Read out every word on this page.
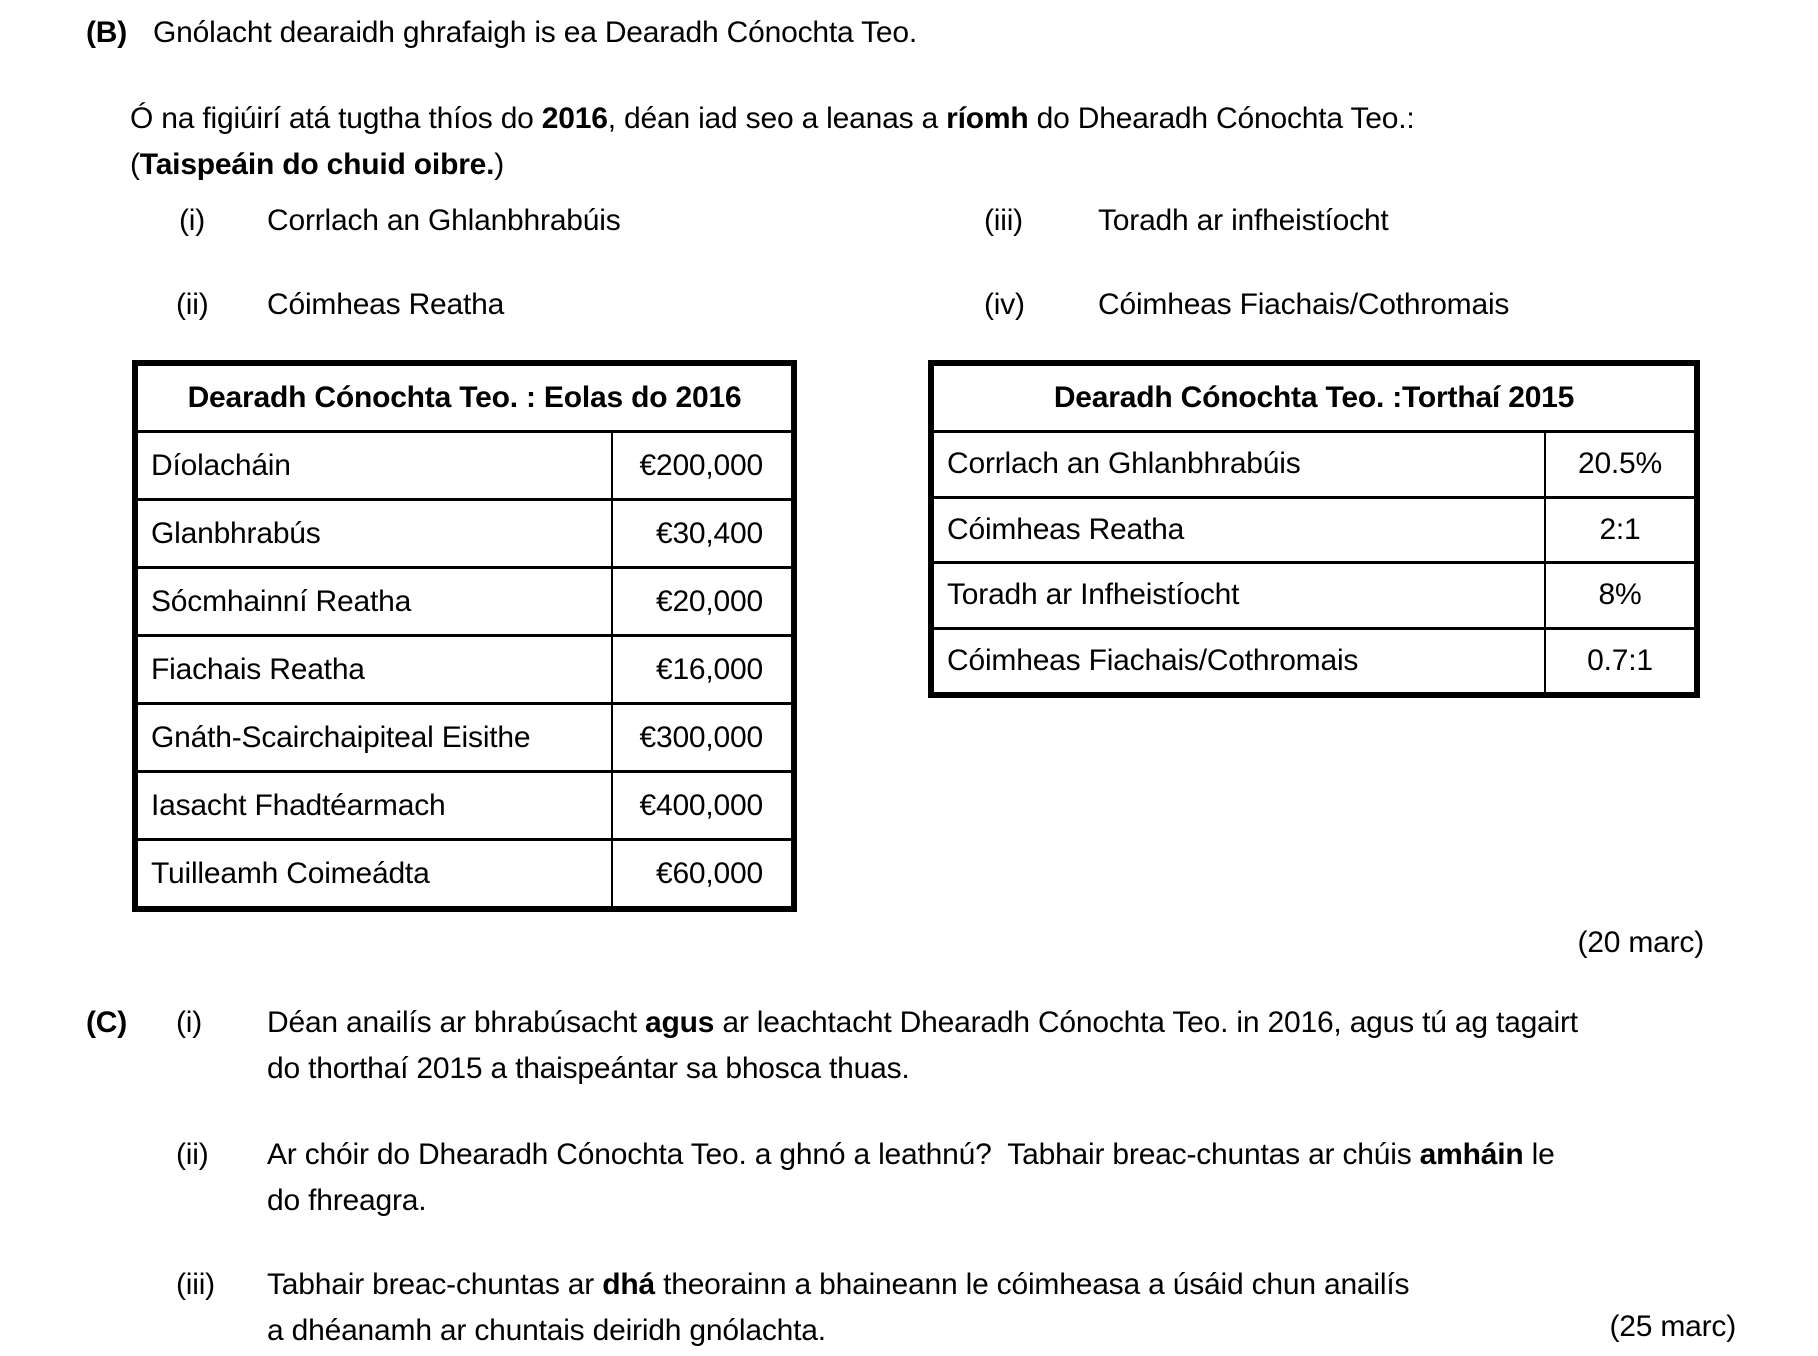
(B) Gnólacht dearaidh ghrafaigh is ea Dearadh Cónochta Teo.
Ó na figiúirí atá tugtha thíos do 2016, déan iad seo a leanas a ríomh do Dhearadh Cónochta Teo.:
(Taispeáin do chuid oibre.)
(i) Corrlach an Ghlanbhrabúis
(ii) Cóimheas Reatha
(iii)	Toradh ar infheistíocht
(iv) Cóimheas Fiachais/Cothromais
Dearadh Cónochta Teo. : Eolas do 2016
Díolacháin	€200,000
Glanbhrabús	€30,400
Sócmhainní Reatha	€20,000
Fiachais Reatha	€16,000
Gnáth-Scairchaipiteal Eisithe	€300,000
Iasacht Fhadtéarmach	€400,000
Tuilleamh Coimeádta	€60,000
Dearadh Cónochta Teo. :Torthaí 2015
Corrlach an Ghlanbhrabúis	20.5%
Cóimheas Reatha	2:1
Toradh ar Infheistíocht	8%
Cóimheas Fiachais/Cothromais	0.7:1
(20 marc)
(C) (i) Déan anailís ar bhrabúsacht agus ar leachtacht Dhearadh Cónochta Teo. in 2016, agus tú ag tagairt
do thorthaí 2015 a thaispeántar sa bhosca thuas.
(ii) Ar chóir do Dhearadh Cónochta Teo. a ghnó a leathnú?  Tabhair breac-chuntas ar chúis amháin le
do fhreagra.
(iii) Tabhair breac-chuntas ar dhá theorainn a bhaineann le cóimheasa a úsáid chun anailís
a dhéanamh ar chuntais deiridh gnólachta.	(25 marc)
